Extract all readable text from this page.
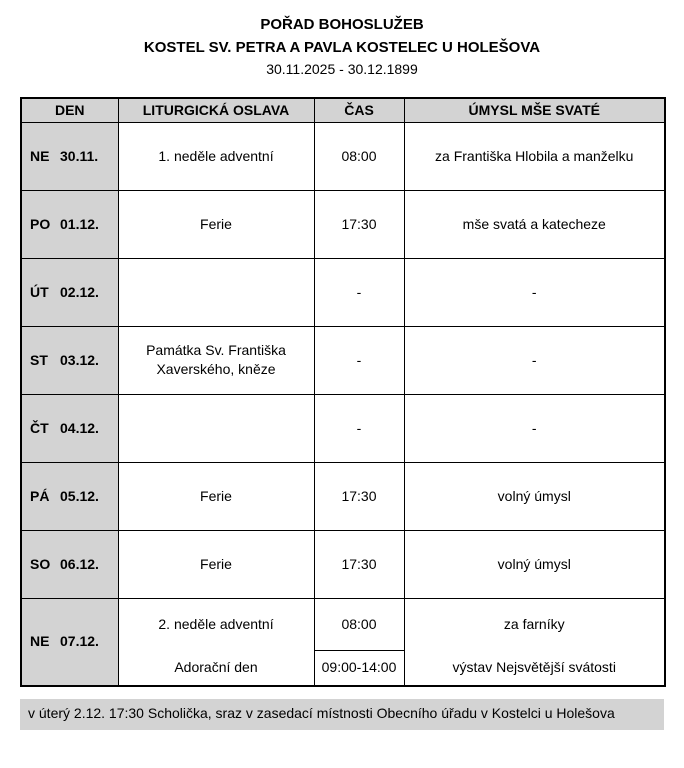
POŘAD BOHOSLUŽEB
KOSTEL SV. PETRA A PAVLA KOSTELEC U HOLEŠOVA
30.11.2025 - 30.12.1899
DEN	LITURGICKÁ OSLAVA	ČAS	ÚMYSL MŠE SVATÉ
NE 30.11.	1. neděle adventní	08:00	za Františka Hlobila a manželku
PO 01.12.	Ferie	17:30	mše svatá a katecheze
ÚT 02.12.		-	-
ST 03.12.	Památka Sv. Františka Xaverského, kněze	-	-
ČT 04.12.		-	-
PÁ 05.12.	Ferie	17:30	volný úmysl
SO 06.12.	Ferie	17:30	volný úmysl
NE 07.12.	2. neděle adventní	08:00	za farníky
	Adorační den	09:00-14:00	výstav Nejsvětější svátosti
v úterý 2.12. 17:30 Scholička, sraz v zasedací místnosti Obecního úřadu v Kostelci u Holešova
